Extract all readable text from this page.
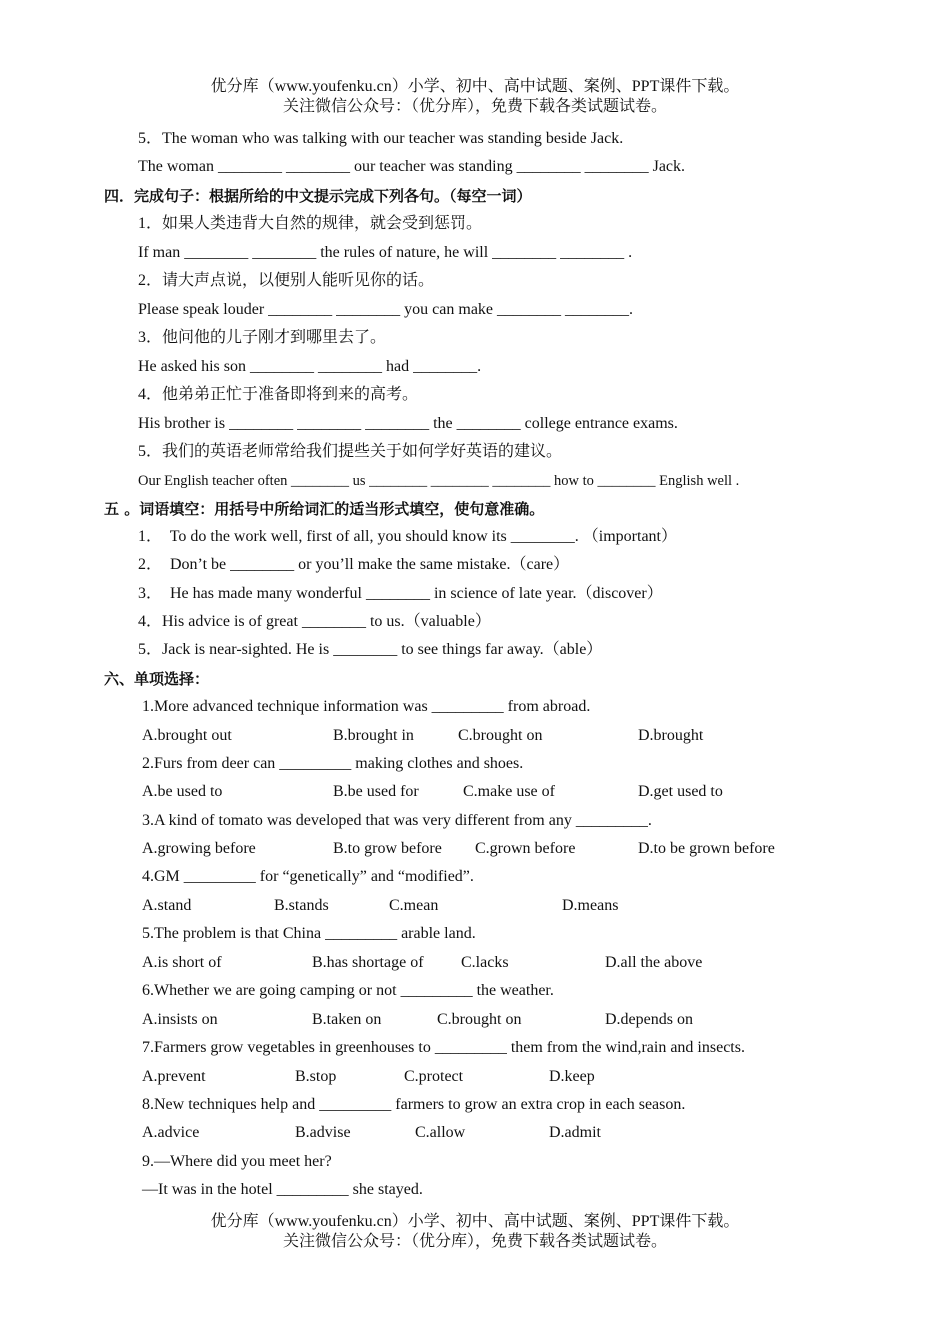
优分库（www.youfenku.cn）小学、初中、高中试题、案例、PPT课件下载。
关注微信公众号：（优分库），免费下载各类试题试卷。
5．The woman who was talking with our teacher was standing beside Jack.
The woman ________ ________ our teacher was standing ________ ________ Jack.
四．完成句子：根据所给的中文提示完成下列各句。（每空一词）
1．如果人类违背大自然的规律，就会受到惩罚。
If man ________ ________ the rules of nature, he will ________ ________ .
2．请大声点说，以便别人能听见你的话。
Please speak louder ________ ________ you can make ________ ________.
3．他问他的儿子刚才到哪里去了。
He asked his son ________ ________ had ________.
4．他弟弟正忙于准备即将到来的高考。
His brother is ________ ________ ________ the ________ college entrance exams.
5．我们的英语老师常给我们提些关于如何学好英语的建议。
Our English teacher often ________ us ________ ________ ________ how to ________ English well .
五 。词语填空：用括号中所给词汇的适当形式填空，使句意准确。
1．  To do the work well, first of all, you should know its ________. （important）
2．  Don’t be ________ or you’ll make the same mistake.（care）
3．  He has made many wonderful ________ in science of late year.（discover）
4．His advice is of great ________ to us.（valuable）
5．Jack is near-sighted. He is ________ to see things far away.（able）
六、单项选择：
1.More advanced technique information was _________ from abroad.
A.brought out	B.brought in	C.brought on	D.brought
2.Furs from deer can _________ making clothes and shoes.
A.be used to	B.be used for	C.make use of	D.get used to
3.A kind of tomato was developed that was very different from any _________.
A.growing before	B.to grow before C.grown before	D.to be grown before
4.GM _________ for “genetically” and “modified”.
A.stand	B.stands	C.mean	D.means
5.The problem is that China _________ arable land.
A.is short of	B.has shortage of C.lacks	D.all the above
6.Whether we are going camping or not _________ the weather.
A.insists on	B.taken on	C.brought on	D.depends on
7.Farmers grow vegetables in greenhouses to _________ them from the wind,rain and insects.
A.prevent	B.stop	C.protect	D.keep
8.New techniques help and _________ farmers to grow an extra crop in each season.
A.advice	B.advise	C.allow	D.admit
9.—Where did you meet her?
—It was in the hotel _________ she stayed.
优分库（www.youfenku.cn）小学、初中、高中试题、案例、PPT课件下载。
关注微信公众号：（优分库），免费下载各类试题试卷。
